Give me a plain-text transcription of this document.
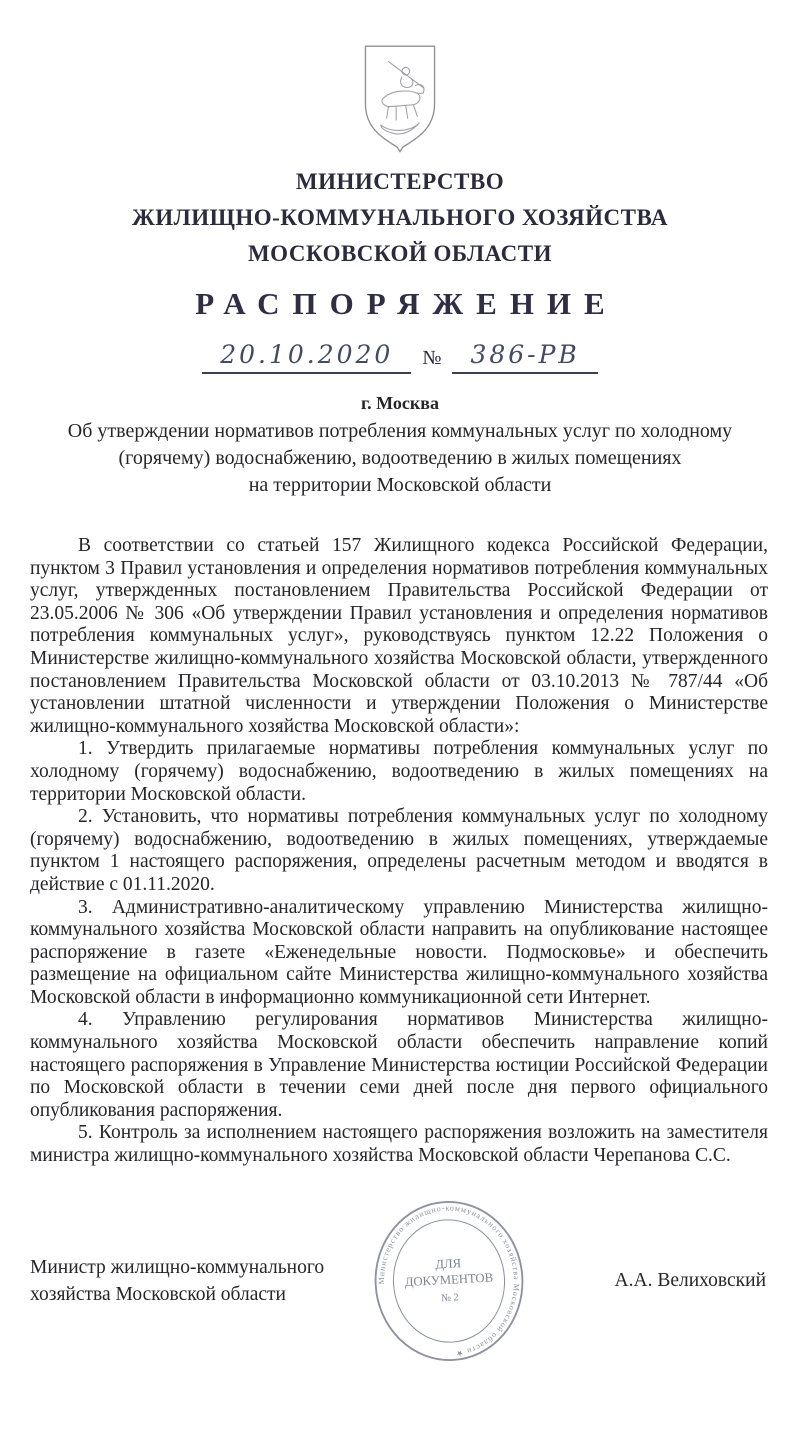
МИНИСТЕРСТВО
ЖИЛИЩНО-КОММУНАЛЬНОГО ХОЗЯЙСТВА
МОСКОВСКОЙ ОБЛАСТИ
РАСПОРЯЖЕНИЕ
20.10.2020 № 386-РВ
г. Москва
Об утверждении нормативов потребления коммунальных услуг по холодному
(горячему) водоснабжению, водоотведению в жилых помещениях
на территории Московской области

В соответствии со статьей 157 Жилищного кодекса Российской Федерации, пунктом 3 Правил установления и определения нормативов потребления коммунальных услуг, утвержденных постановлением Правительства Российской Федерации от 23.05.2006 № 306 «Об утверждении Правил установления и определения нормативов потребления коммунальных услуг», руководствуясь пунктом 12.22 Положения о Министерстве жилищно-коммунального хозяйства Московской области, утвержденного постановлением Правительства Московской области от 03.10.2013 № 787/44 «Об установлении штатной численности и утверждении Положения о Министерстве жилищно-коммунального хозяйства Московской области»:

1. Утвердить прилагаемые нормативы потребления коммунальных услуг по холодному (горячему) водоснабжению, водоотведению в жилых помещениях на территории Московской области.

2. Установить, что нормативы потребления коммунальных услуг по холодному (горячему) водоснабжению, водоотведению в жилых помещениях, утверждаемые пунктом 1 настоящего распоряжения, определены расчетным методом и вводятся в действие с 01.11.2020.

3. Административно-аналитическому управлению Министерства жилищно-коммунального хозяйства Московской области направить на опубликование настоящее распоряжение в газете «Еженедельные новости. Подмосковье» и обеспечить размещение на официальном сайте Министерства жилищно-коммунального хозяйства Московской области в информационно коммуникационной сети Интернет.

4. Управлению регулирования нормативов Министерства жилищно-коммунального хозяйства Московской области обеспечить направление копий настоящего распоряжения в Управление Министерства юстиции Российской Федерации по Московской области в течении семи дней после дня первого официального опубликования распоряжения.

5. Контроль за исполнением настоящего распоряжения возложить на заместителя министра жилищно-коммунального хозяйства Московской области Черепанова С.С.

Министр жилищно-коммунального
хозяйства Московской области
Министерство жилищно-коммунального хозяйства Московской области ★
ДЛЯ
ДОКУМЕНТОВ
№ 2
А.А. Велиховский
